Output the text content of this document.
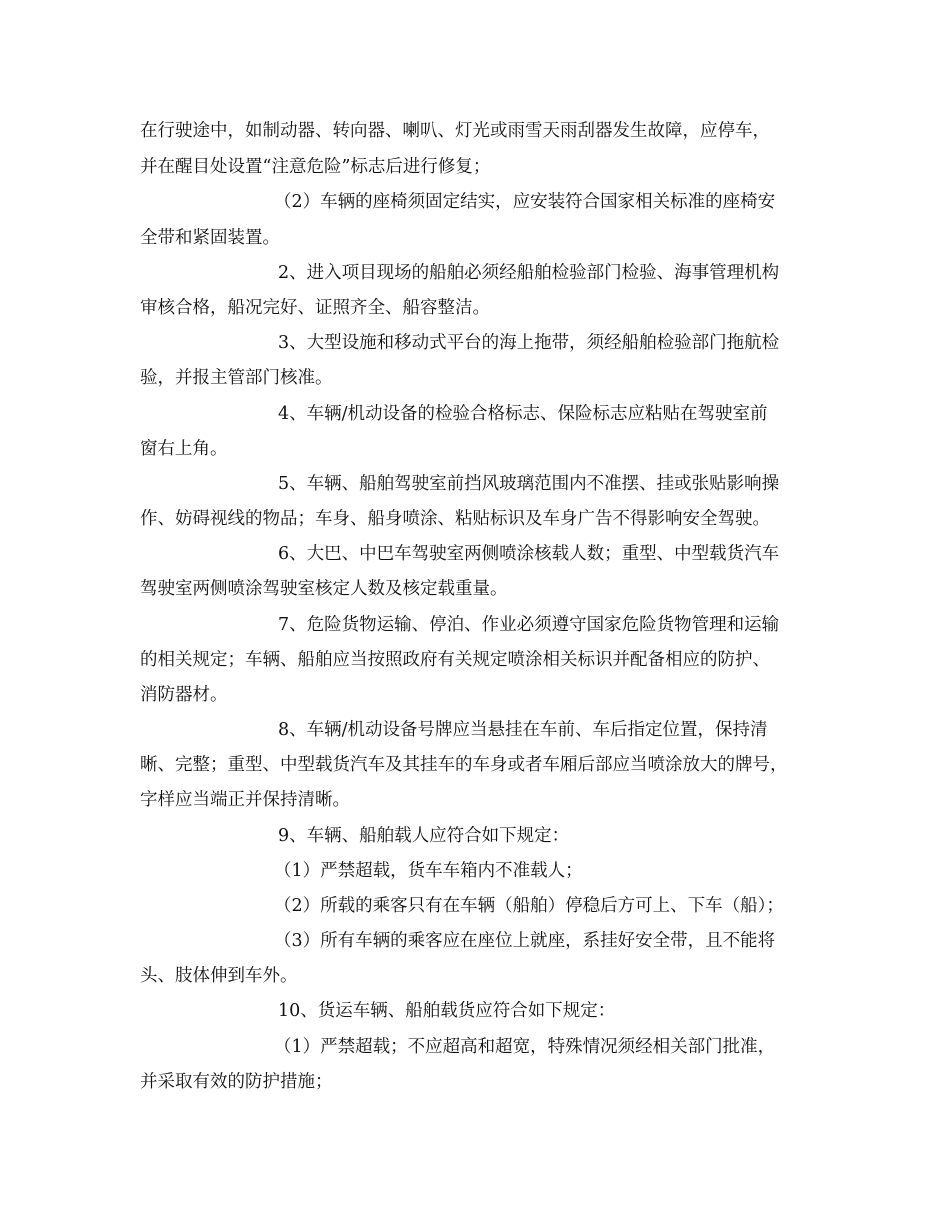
在行驶途中，如制动器、转向器、喇叭、灯光或雨雪天雨刮器发生故障，应停车，
并在醒目处设置“注意危险”标志后进行修复；
（2）车辆的座椅须固定结实，应安装符合国家相关标准的座椅安
全带和紧固装置。
2、进入项目现场的船舶必须经船舶检验部门检验、海事管理机构
审核合格，船况完好、证照齐全、船容整洁。
3、大型设施和移动式平台的海上拖带，须经船舶检验部门拖航检
验，并报主管部门核准。
4、车辆/机动设备的检验合格标志、保险标志应粘贴在驾驶室前
窗右上角。
5、车辆、船舶驾驶室前挡风玻璃范围内不准摆、挂或张贴影响操
作、妨碍视线的物品；车身、船身喷涂、粘贴标识及车身广告不得影响安全驾驶。
6、大巴、中巴车驾驶室两侧喷涂核载人数；重型、中型载货汽车
驾驶室两侧喷涂驾驶室核定人数及核定载重量。
7、危险货物运输、停泊、作业必须遵守国家危险货物管理和运输
的相关规定；车辆、船舶应当按照政府有关规定喷涂相关标识并配备相应的防护、
消防器材。
8、车辆/机动设备号牌应当悬挂在车前、车后指定位置，保持清
晰、完整；重型、中型载货汽车及其挂车的车身或者车厢后部应当喷涂放大的牌号，
字样应当端正并保持清晰。
9、车辆、船舶载人应符合如下规定：
（1）严禁超载，货车车箱内不准载人；
（2）所载的乘客只有在车辆（船舶）停稳后方可上、下车（船）；
（3）所有车辆的乘客应在座位上就座，系挂好安全带，且不能将
头、肢体伸到车外。
10、货运车辆、船舶载货应符合如下规定：
（1）严禁超载；不应超高和超宽，特殊情况须经相关部门批准，
并采取有效的防护措施；
